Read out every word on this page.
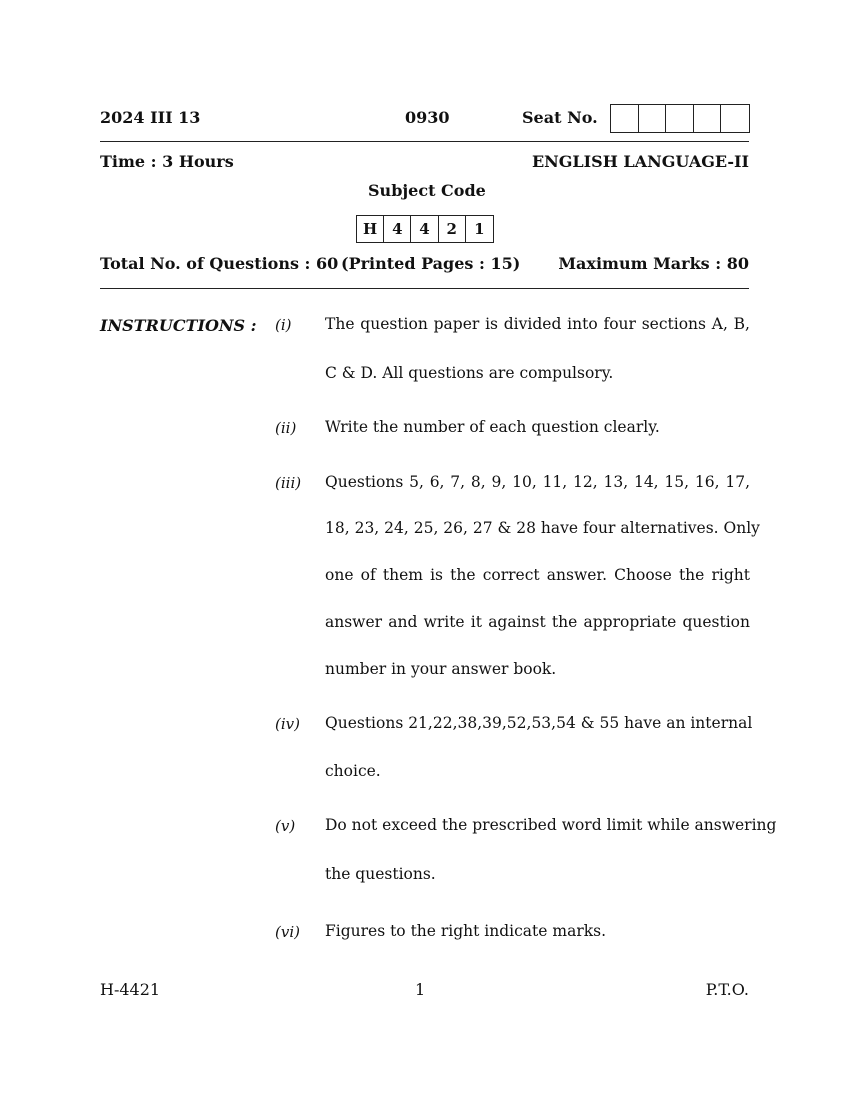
2024 III 13	0930	Seat No.
Time : 3 Hours	ENGLISH LANGUAGE-II
Subject Code
H 4	4	2	1
Total No. of Questions : 60 (Printed Pages : 15) Maximum Marks : 80
INSTRUCTIONS : (i) The question paper is divided into four sections A, B,
C & D. All questions are compulsory.
(ii) Write the number of each question clearly.
(iii) Questions 5, 6, 7, 8, 9, 10, 11, 12, 13, 14, 15, 16, 17,
18, 23, 24, 25, 26, 27 & 28 have four alternatives. Only
one of them is the correct answer. Choose the right
answer and write it against the appropriate question
number in your answer book.
(iv) Questions 21,22,38,39,52,53,54 & 55 have an internal
choice.
(v) Do not exceed the prescribed word limit while answering
the questions.
(vi) Figures to the right indicate marks.
H-4421	1	P.T.O.
